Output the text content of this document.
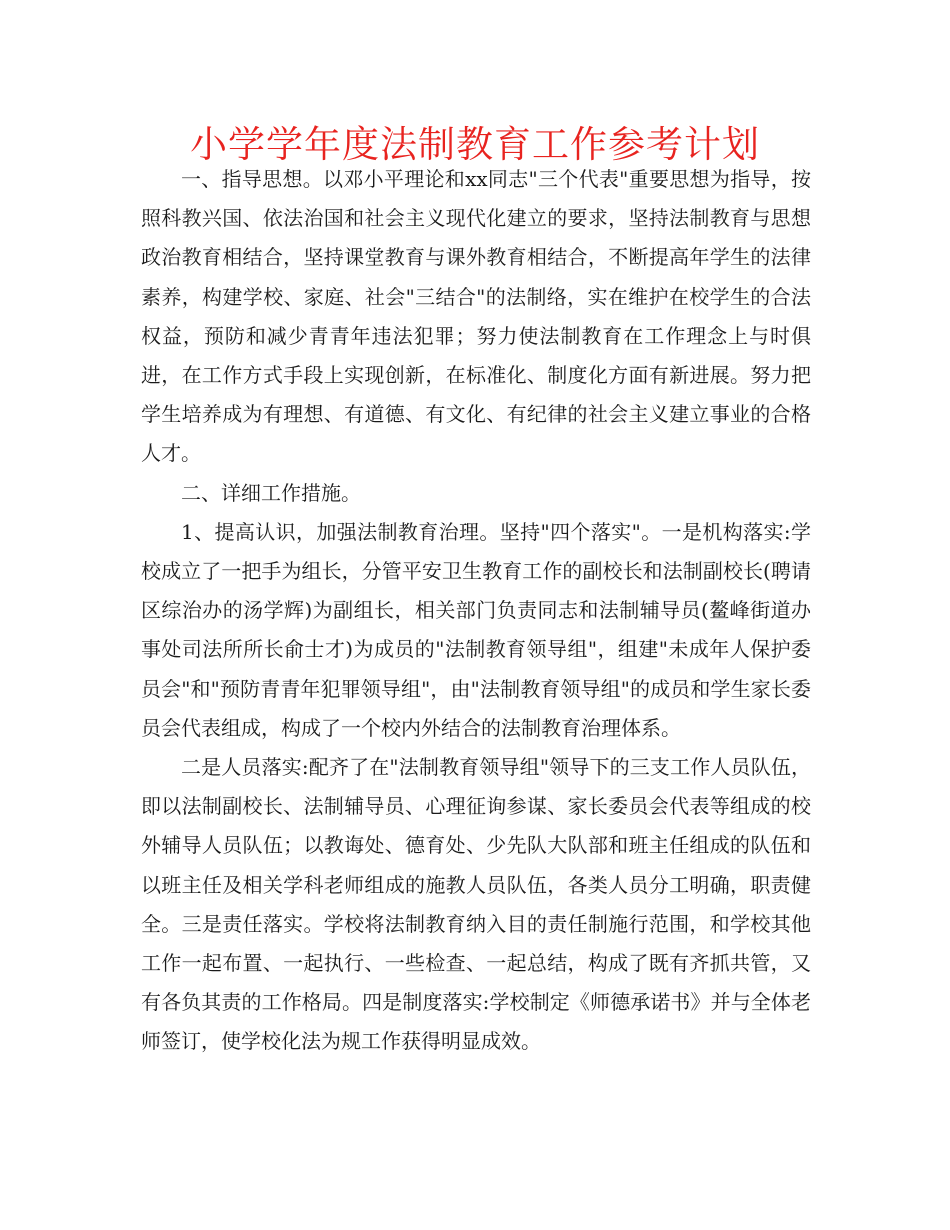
小学学年度法制教育工作参考计划

一、指导思想。以邓小平理论和xx同志"三个代表"重要思想为指导，按照科教兴国、依法治国和社会主义现代化建立的要求，坚持法制教育与思想政治教育相结合，坚持课堂教育与课外教育相结合，不断提高年学生的法律素养，构建学校、家庭、社会"三结合"的法制络，实在维护在校学生的合法权益，预防和减少青青年违法犯罪；努力使法制教育在工作理念上与时俱进，在工作方式手段上实现创新，在标准化、制度化方面有新进展。努力把学生培养成为有理想、有道德、有文化、有纪律的社会主义建立事业的合格人才。

二、详细工作措施。

1、提高认识，加强法制教育治理。坚持"四个落实"。一是机构落实:学校成立了一把手为组长，分管平安卫生教育工作的副校长和法制副校长(聘请区综治办的汤学辉)为副组长，相关部门负责同志和法制辅导员(鳌峰街道办事处司法所所长俞士才)为成员的"法制教育领导组"，组建"未成年人保护委员会"和"预防青青年犯罪领导组"，由"法制教育领导组"的成员和学生家长委员会代表组成，构成了一个校内外结合的法制教育治理体系。

二是人员落实:配齐了在"法制教育领导组"领导下的三支工作人员队伍，即以法制副校长、法制辅导员、心理征询参谋、家长委员会代表等组成的校外辅导人员队伍；以教诲处、德育处、少先队大队部和班主任组成的队伍和以班主任及相关学科老师组成的施教人员队伍，各类人员分工明确，职责健全。三是责任落实。学校将法制教育纳入目的责任制施行范围，和学校其他工作一起布置、一起执行、一些检查、一起总结，构成了既有齐抓共管，又有各负其责的工作格局。四是制度落实:学校制定《师德承诺书》并与全体老师签订，使学校化法为规工作获得明显成效。
